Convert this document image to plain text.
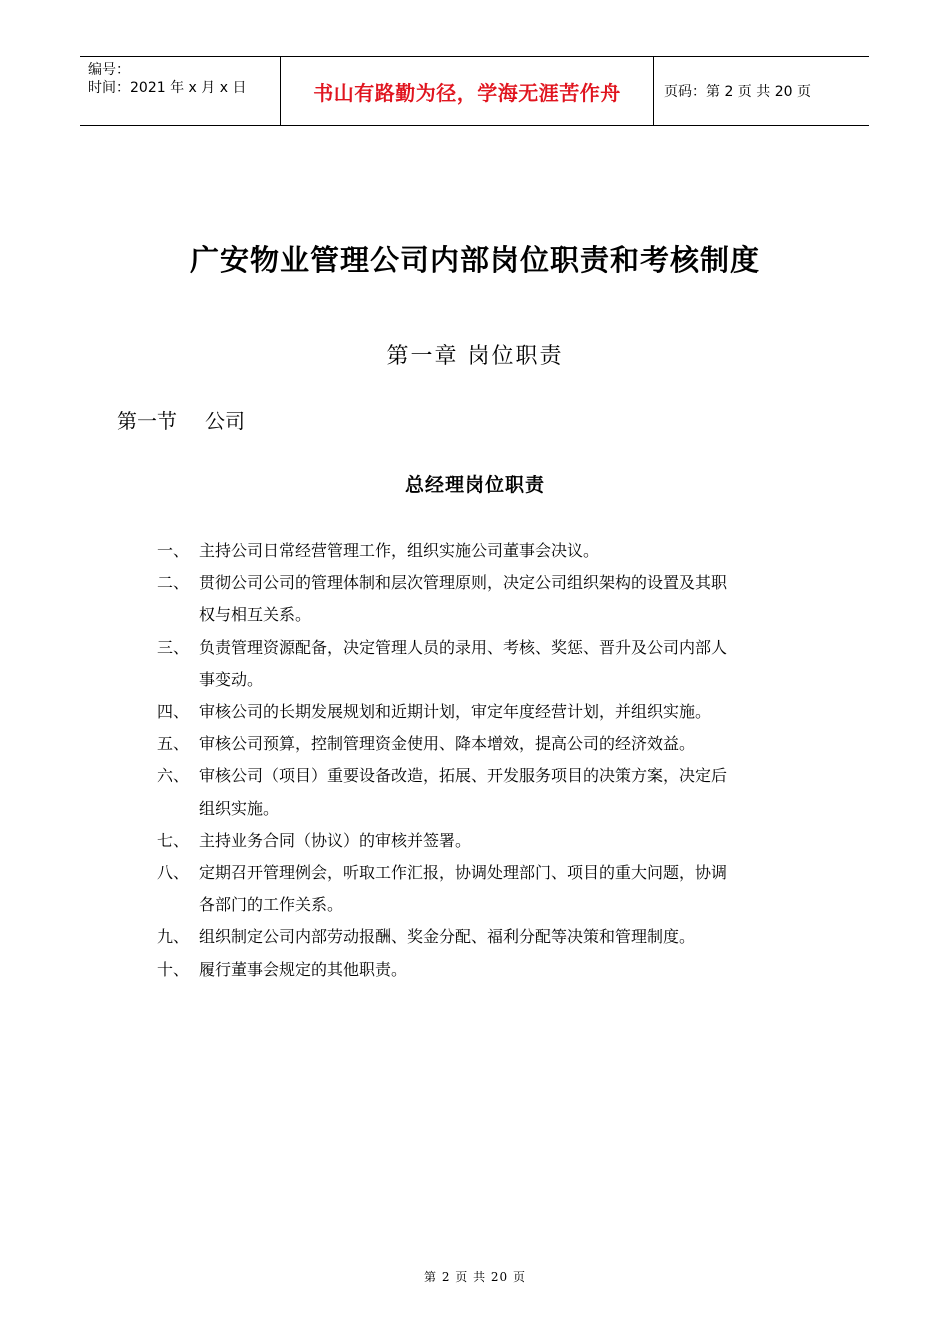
编号：
时间：2021 年 x 月 x 日	书山有路勤为径，学海无涯苦作舟	页码：第 2 页 共 20 页
广安物业管理公司内部岗位职责和考核制度
第一章 岗位职责
第一节 公司
总经理岗位职责
一、 主持公司日常经营管理工作，组织实施公司董事会决议。
二、 贯彻公司公司的管理体制和层次管理原则，决定公司组织架构的设置及其职
权与相互关系。
三、 负责管理资源配备，决定管理人员的录用、考核、奖惩、晋升及公司内部人
事变动。
四、 审核公司的长期发展规划和近期计划，审定年度经营计划，并组织实施。
五、 审核公司预算，控制管理资金使用、降本增效，提高公司的经济效益。
六、 审核公司（项目）重要设备改造，拓展、开发服务项目的决策方案，决定后
组织实施。
七、 主持业务合同（协议）的审核并签署。
八、 定期召开管理例会，听取工作汇报，协调处理部门、项目的重大问题，协调
各部门的工作关系。
九、 组织制定公司内部劳动报酬、奖金分配、福利分配等决策和管理制度。
十、 履行董事会规定的其他职责。
第 2 页 共 20 页
